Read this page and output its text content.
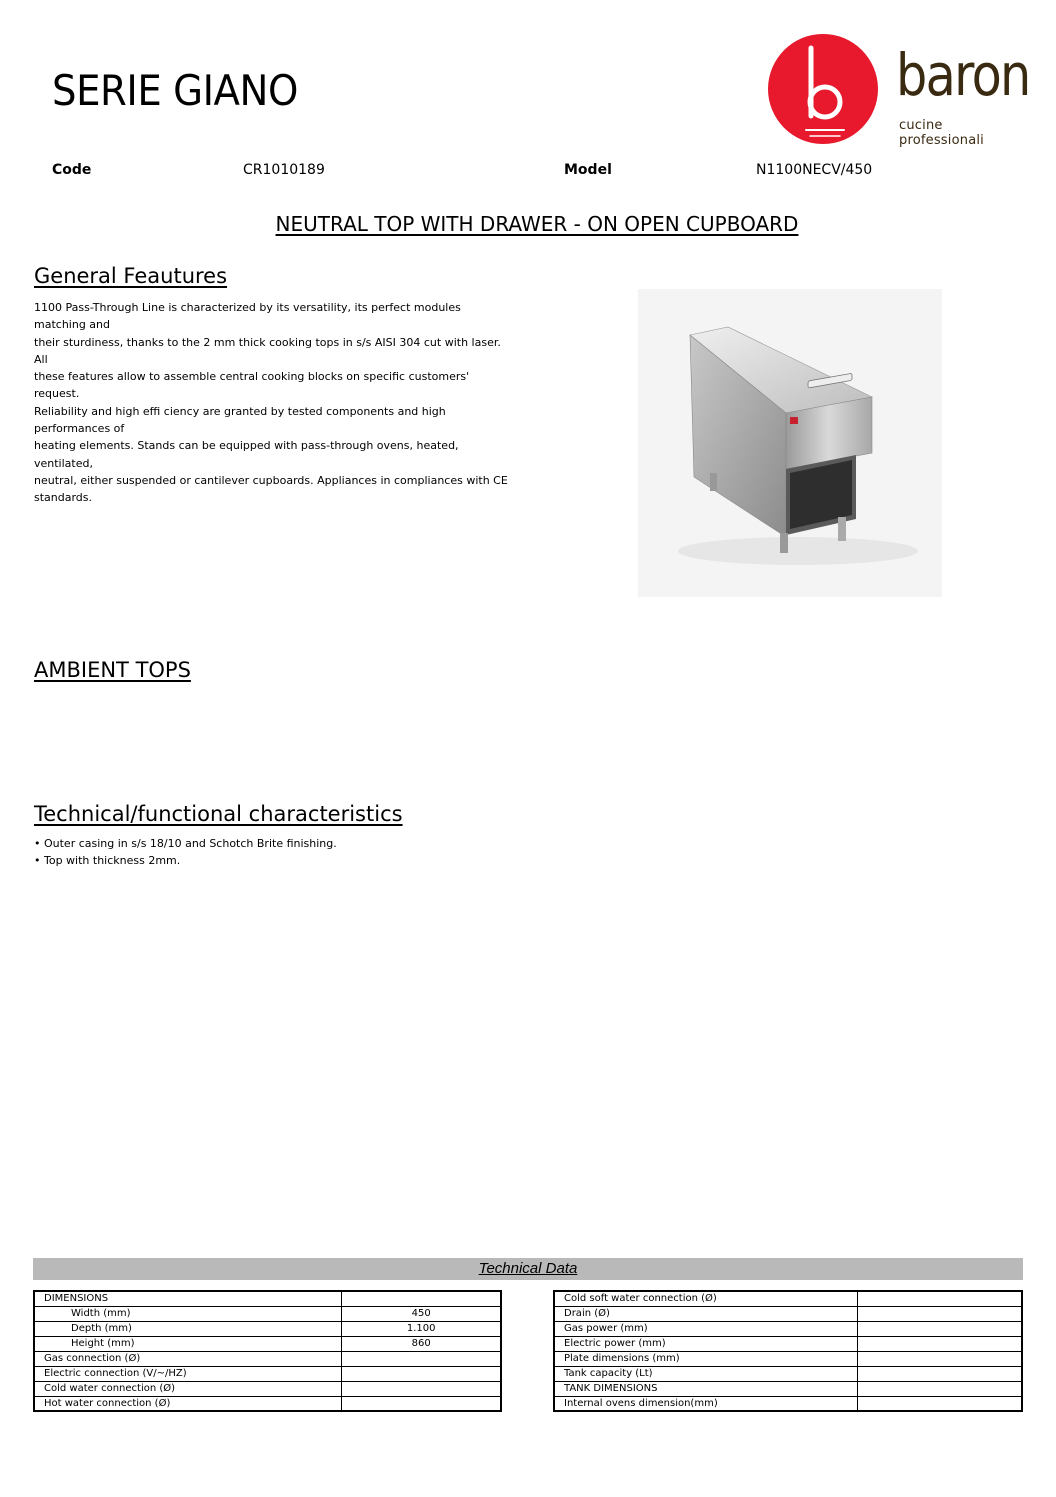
SERIE GIANO	baron
cucine professionali
Code	CR1010189	Model	N1100NECV/450
NEUTRAL TOP WITH DRAWER - ON OPEN CUPBOARD
General Feautures
1100 Pass-Through Line is characterized by its versatility, its perfect modules matching and
their sturdiness, thanks to the 2 mm thick cooking tops in s/s AISI 304 cut with laser. All
these features allow to assemble central cooking blocks on specific customers' request.
Reliability and high effi ciency are granted by tested components and high performances of
heating elements. Stands can be equipped with pass-through ovens, heated, ventilated,
neutral, either suspended or cantilever cupboards. Appliances in compliances with CE
standards.
AMBIENT TOPS
Technical/functional characteristics
• Outer casing in s/s 18/10 and Schotch Brite finishing.
• Top with thickness 2mm.
Technical Data
DIMENSIONS	
Width (mm)	450
Depth (mm)	1.100
Height (mm)	860
Gas connection (Ø)	
Electric connection (V/~/HZ)	
Cold water connection (Ø)	
Hot water connection (Ø)	
Cold soft water connection (Ø)	
Drain (Ø)	
Gas power (mm)	
Electric power (mm)	
Plate dimensions (mm)	
Tank capacity (Lt)	
TANK DIMENSIONS	
Internal ovens dimension(mm)	
